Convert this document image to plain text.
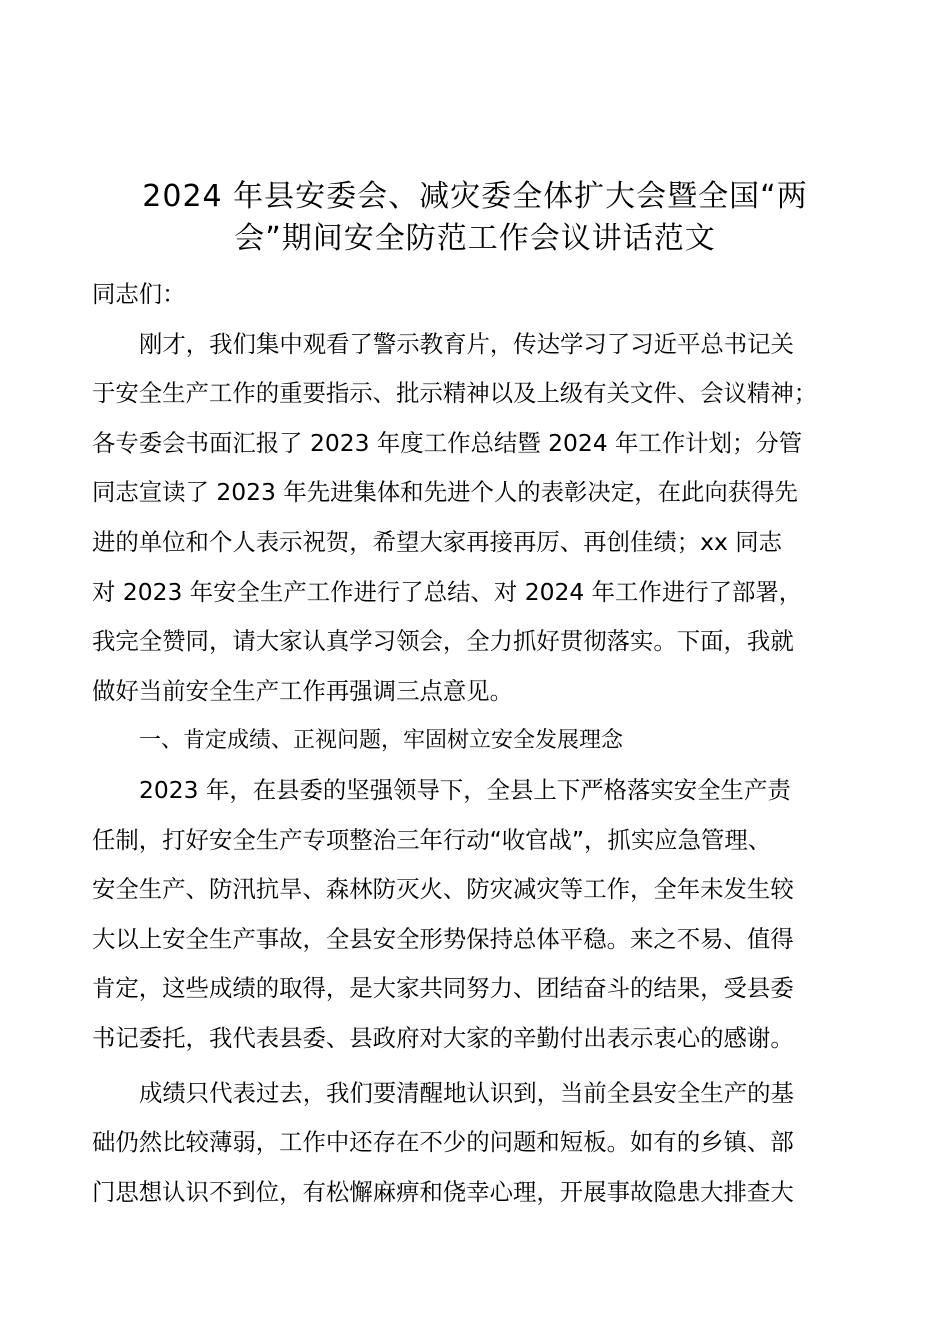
2024 年县安委会、减灾委全体扩大会暨全国“两
会”期间安全防范工作会议讲话范文
同志们：
刚才，我们集中观看了警示教育片，传达学习了习近平总书记关
于安全生产工作的重要指示、批示精神以及上级有关文件、会议精神；
各专委会书面汇报了 2023 年度工作总结暨 2024 年工作计划；分管
同志宣读了 2023 年先进集体和先进个人的表彰决定，在此向获得先
进的单位和个人表示祝贺，希望大家再接再厉、再创佳绩；xx 同志
对 2023 年安全生产工作进行了总结、对 2024 年工作进行了部署，
我完全赞同，请大家认真学习领会，全力抓好贯彻落实。下面，我就
做好当前安全生产工作再强调三点意见。
一、肯定成绩、正视问题，牢固树立安全发展理念
2023 年，在县委的坚强领导下，全县上下严格落实安全生产责
任制，打好安全生产专项整治三年行动“收官战”，抓实应急管理、
安全生产、防汛抗旱、森林防灭火、防灾减灾等工作，全年未发生较
大以上安全生产事故，全县安全形势保持总体平稳。来之不易、值得
肯定，这些成绩的取得，是大家共同努力、团结奋斗的结果，受县委
书记委托，我代表县委、县政府对大家的辛勤付出表示衷心的感谢。
成绩只代表过去，我们要清醒地认识到，当前全县安全生产的基
础仍然比较薄弱，工作中还存在不少的问题和短板。如有的乡镇、部
门思想认识不到位，有松懈麻痹和侥幸心理，开展事故隐患大排查大
